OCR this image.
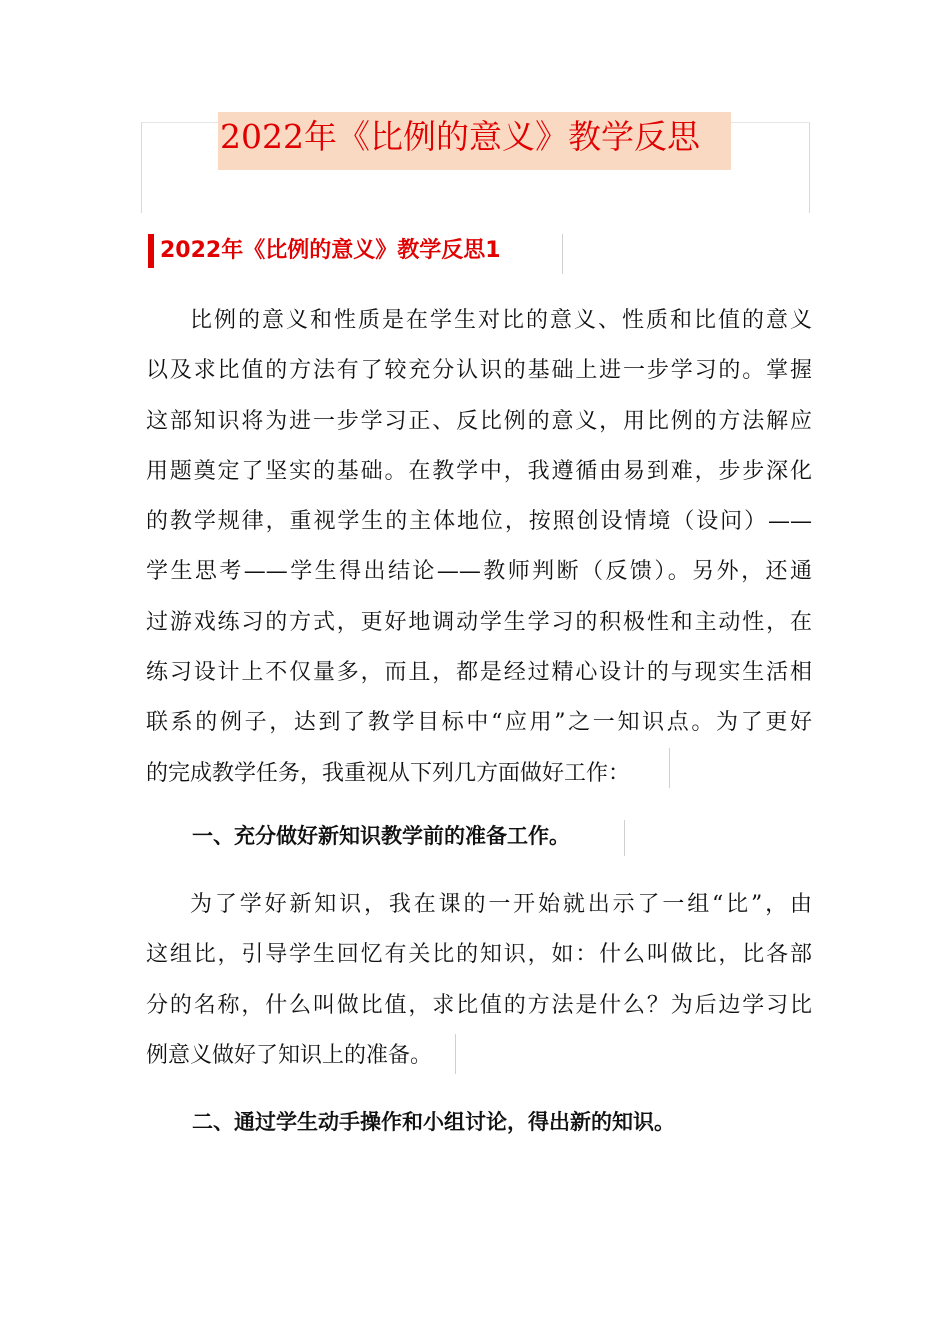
2022年《比例的意义》教学反思
2022年《比例的意义》教学反思1
比例的意义和性质是在学生对比的意义、性质和比值的意义
以及求比值的方法有了较充分认识的基础上进一步学习的。掌握
这部知识将为进一步学习正、反比例的意义，用比例的方法解应
用题奠定了坚实的基础。在教学中，我遵循由易到难，步步深化
的教学规律，重视学生的主体地位，按照创设情境（设问）——
学生思考——学生得出结论——教师判断（反馈）。另外，还通
过游戏练习的方式，更好地调动学生学习的积极性和主动性，在
练习设计上不仅量多，而且，都是经过精心设计的与现实生活相
联系的例子，达到了教学目标中“应用”之一知识点。为了更好
的完成教学任务，我重视从下列几方面做好工作：
一、充分做好新知识教学前的准备工作。
为了学好新知识，我在课的一开始就出示了一组“比”，由
这组比，引导学生回忆有关比的知识，如：什么叫做比，比各部
分的名称，什么叫做比值，求比值的方法是什么？为后边学习比
例意义做好了知识上的准备。
二、通过学生动手操作和小组讨论，得出新的知识。
